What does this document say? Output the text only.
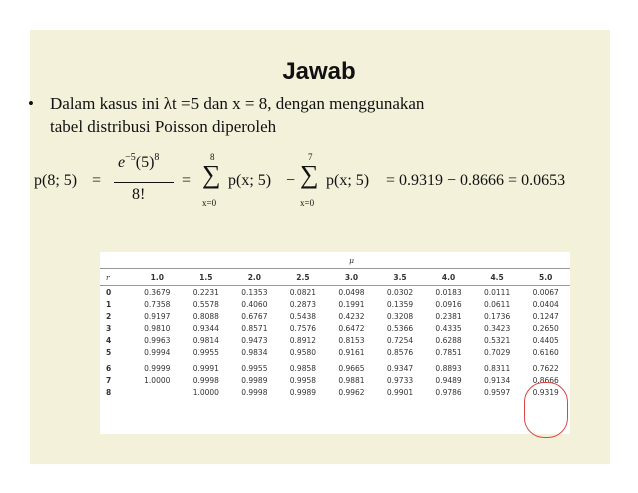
Jawab
• Dalam kasus ini λt =5 dan x = 8, dengan menggunakan
tabel distribusi Poisson diperoleh
p(8; 5) =
$e^{-5}(5)^8$
8!
=
8
∑
x=0
p(x; 5) −
7
∑
x=0
p(x; 5) = 0.9319 − 0.8666 = 0.0653
	μ								
r	1.0	1.5	2.0	2.5	3.0	3.5	4.0	4.5	5.0
0	0.3679	0.2231	0.1353	0.0821	0.0498	0.0302	0.0183	0.0111	0.0067
1	0.7358	0.5578	0.4060	0.2873	0.1991	0.1359	0.0916	0.0611	0.0404
2	0.9197	0.8088	0.6767	0.5438	0.4232	0.3208	0.2381	0.1736	0.1247
3	0.9810	0.9344	0.8571	0.7576	0.6472	0.5366	0.4335	0.3423	0.2650
4	0.9963	0.9814	0.9473	0.8912	0.8153	0.7254	0.6288	0.5321	0.4405
5	0.9994	0.9955	0.9834	0.9580	0.9161	0.8576	0.7851	0.7029	0.6160
6	0.9999	0.9991	0.9955	0.9858	0.9665	0.9347	0.8893	0.8311	0.7622
7	1.0000	0.9998	0.9989	0.9958	0.9881	0.9733	0.9489	0.9134	0.8666
8		1.0000	0.9998	0.9989	0.9962	0.9901	0.9786	0.9597	0.9319
